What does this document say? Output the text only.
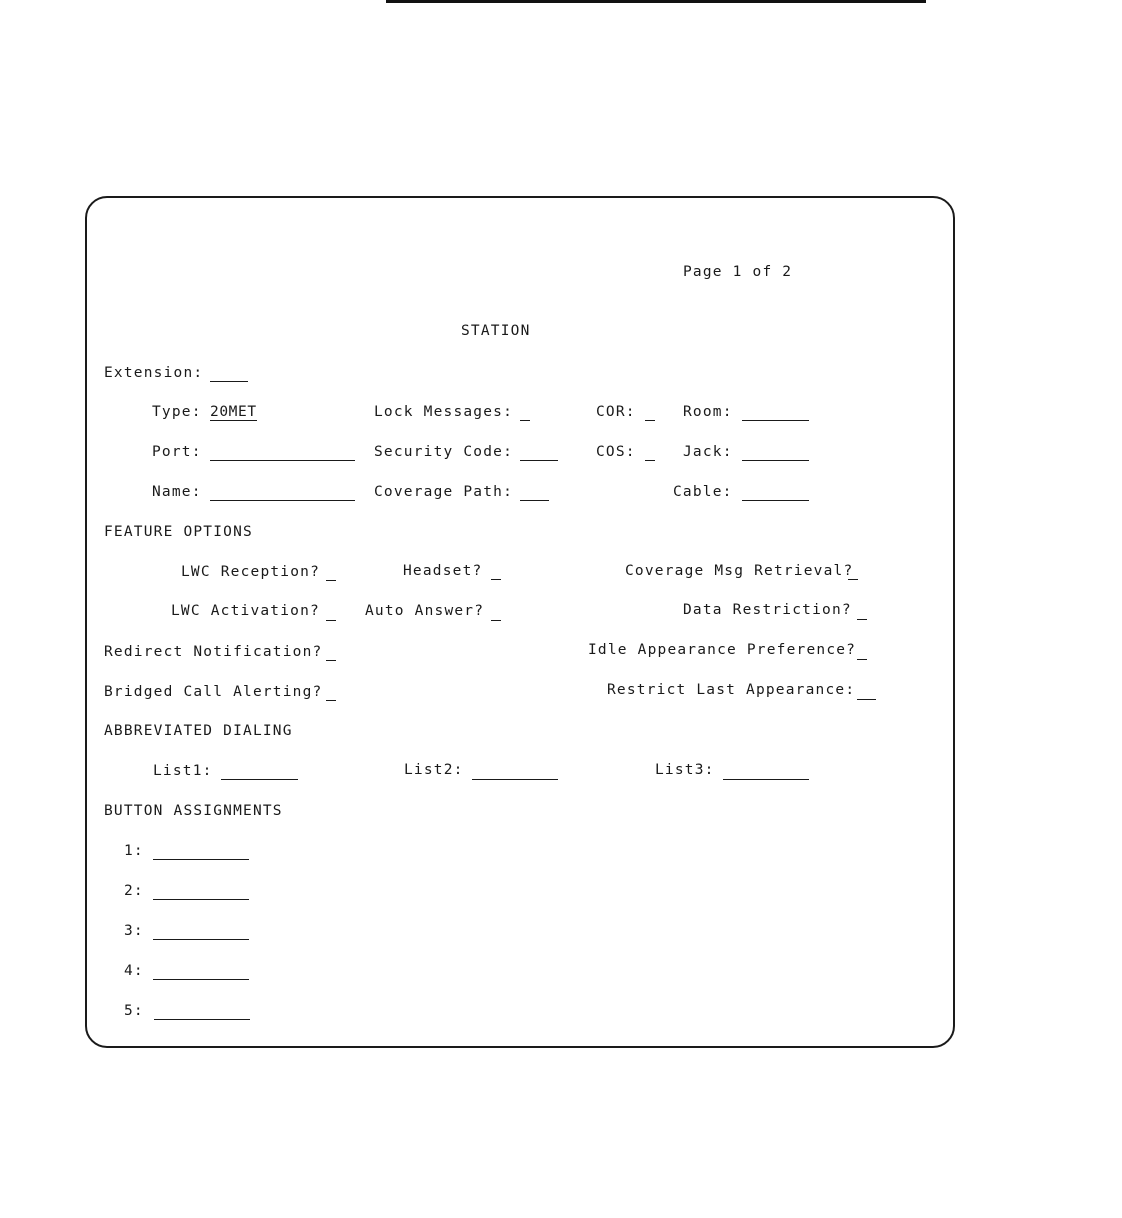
Page 1 of 2
STATION
Extension:
Type: 20MET	Lock Messages:	COR:	Room:
Port:	Security Code:	COS:	Jack:
Name:	Coverage Path:	Cable:
FEATURE OPTIONS
LWC Reception?	Headset?	Coverage Msg Retrieval?
LWC Activation?	Auto Answer?	Data Restriction?
Redirect Notification?	Idle Appearance Preference?
Bridged Call Alerting?	Restrict Last Appearance:
ABBREVIATED DIALING
List1:	List2:	List3:
BUTTON ASSIGNMENTS
1:
2:
3:
4:
5:
